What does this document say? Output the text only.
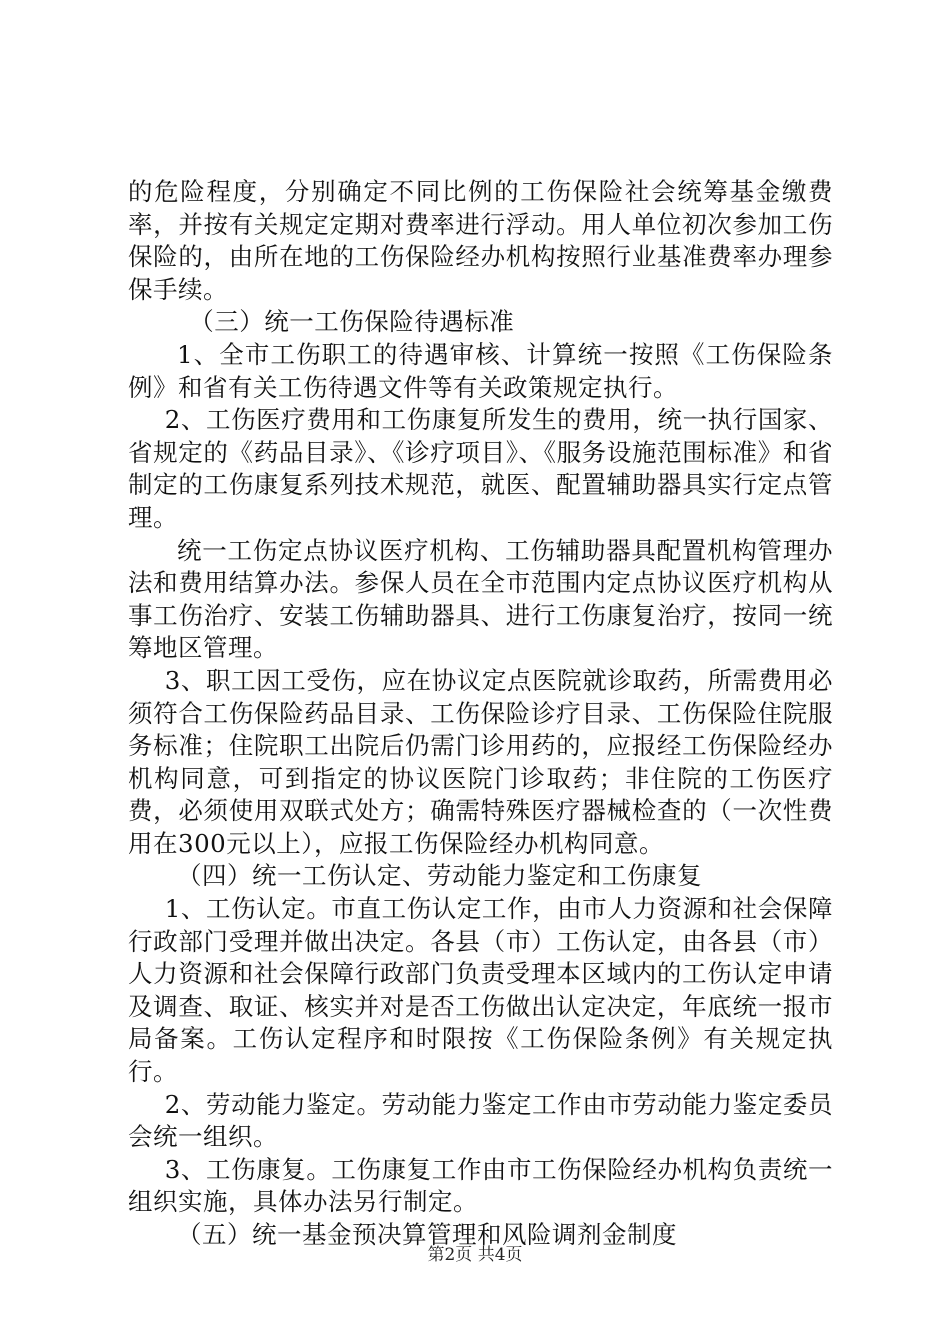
的危险程度，分别确定不同比例的工伤保险社会统筹基金缴费率，并按有关规定定期对费率进行浮动。用人单位初次参加工伤保险的，由所在地的工伤保险经办机构按照行业基准费率办理参保手续。

（三）统一工伤保险待遇标准

1、全市工伤职工的待遇审核、计算统一按照《工伤保险条例》和省有关工伤待遇文件等有关政策规定执行。

2、工伤医疗费用和工伤康复所发生的费用，统一执行国家、省规定的《药品目录》、《诊疗项目》、《服务设施范围标准》和省制定的工伤康复系列技术规范，就医、配置辅助器具实行定点管理。

统一工伤定点协议医疗机构、工伤辅助器具配置机构管理办法和费用结算办法。参保人员在全市范围内定点协议医疗机构从事工伤治疗、安装工伤辅助器具、进行工伤康复治疗，按同一统筹地区管理。

3、职工因工受伤，应在协议定点医院就诊取药，所需费用必须符合工伤保险药品目录、工伤保险诊疗目录、工伤保险住院服务标准；住院职工出院后仍需门诊用药的，应报经工伤保险经办机构同意，可到指定的协议医院门诊取药；非住院的工伤医疗费，必须使用双联式处方；确需特殊医疗器械检查的（一次性费用在300元以上），应报工伤保险经办机构同意。

（四）统一工伤认定、劳动能力鉴定和工伤康复

1、工伤认定。市直工伤认定工作，由市人力资源和社会保障行政部门受理并做出决定。各县（市）工伤认定，由各县（市）人力资源和社会保障行政部门负责受理本区域内的工伤认定申请及调查、取证、核实并对是否工伤做出认定决定，年底统一报市局备案。工伤认定程序和时限按《工伤保险条例》有关规定执行。

2、劳动能力鉴定。劳动能力鉴定工作由市劳动能力鉴定委员会统一组织。

3、工伤康复。工伤康复工作由市工伤保险经办机构负责统一组织实施，具体办法另行制定。

（五）统一基金预决算管理和风险调剂金制度

第2页 共4页
